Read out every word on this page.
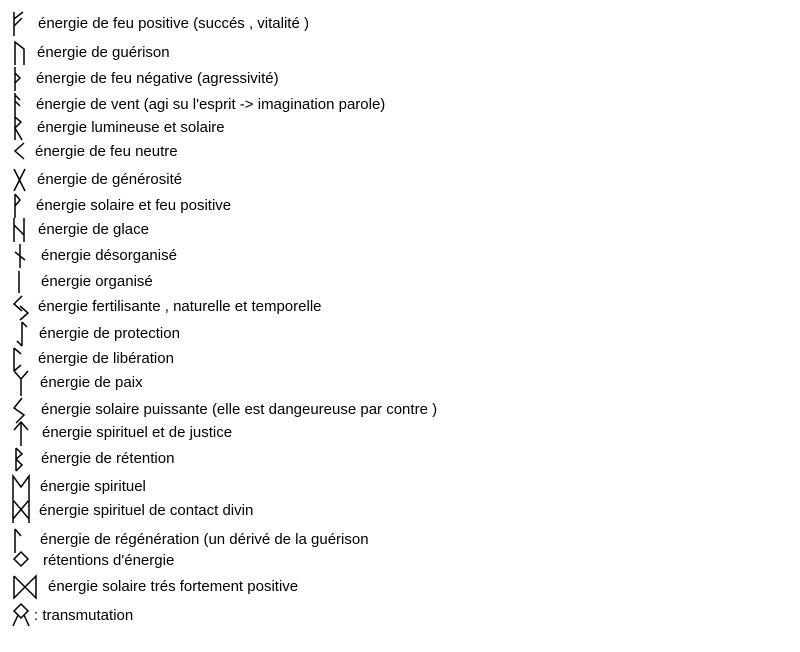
énergie de feu positive (succés , vitalité )
énergie de guérison
énergie de feu négative (agressivité)
énergie de vent (agi su l'esprit -> imagination parole)
énergie lumineuse et solaire
énergie de feu neutre
énergie de générosité
énergie solaire et feu positive
énergie de glace
énergie désorganisé
énergie organisé
énergie fertilisante , naturelle et temporelle
énergie de protection
énergie de libération
énergie de paix
énergie solaire puissante (elle est dangeureuse par contre )
énergie spirituel et de justice
énergie de rétention
énergie spirituel
énergie spirituel de contact divin
énergie de régénération (un dérivé de la guérison
rétentions d'énergie
énergie solaire trés fortement positive
: transmutation
